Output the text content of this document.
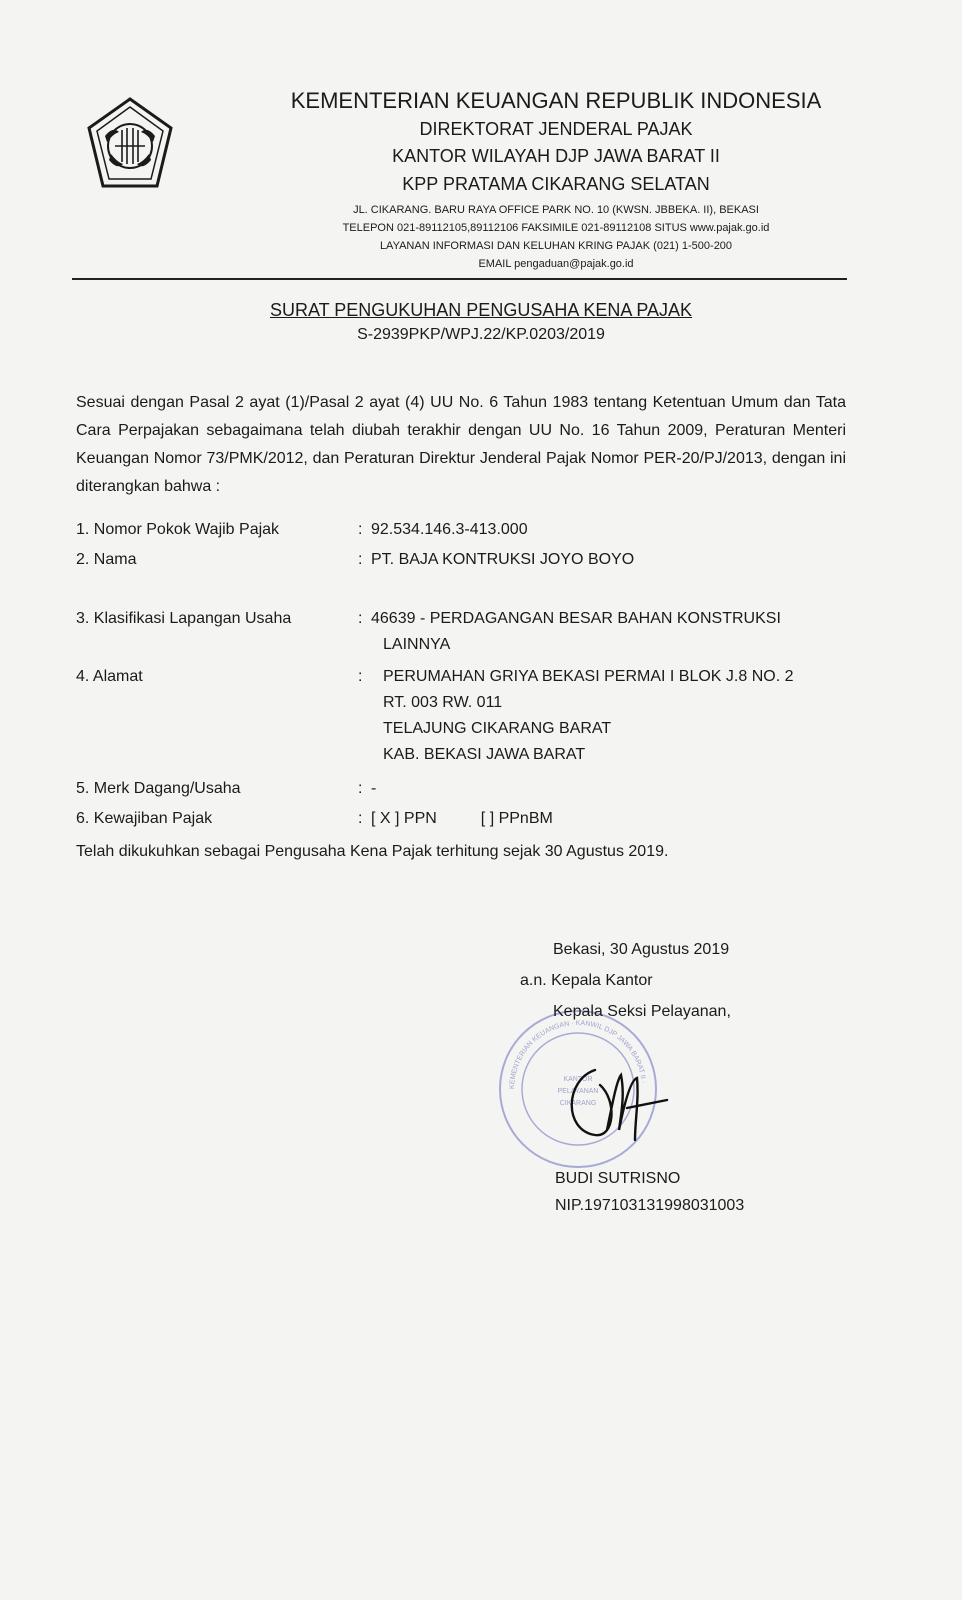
KEMENTERIAN KEUANGAN REPUBLIK INDONESIA

DIREKTORAT JENDERAL PAJAK

KANTOR WILAYAH DJP JAWA BARAT II

KPP PRATAMA CIKARANG SELATAN

JL. CIKARANG. BARU RAYA OFFICE PARK NO. 10 (KWSN. JBBEKA. II), BEKASI

TELEPON 021-89112105,89112106 FAKSIMILE 021-89112108 SITUS www.pajak.go.id

LAYANAN INFORMASI DAN KELUHAN KRING PAJAK (021) 1-500-200

EMAIL pengaduan@pajak.go.id

SURAT PENGUKUHAN PENGUSAHA KENA PAJAK

S-2939PKP/WPJ.22/KP.0203/2019

Sesuai dengan Pasal 2 ayat (1)/Pasal 2 ayat (4) UU No. 6 Tahun 1983 tentang Ketentuan Umum dan Tata Cara Perpajakan sebagaimana telah diubah terakhir dengan UU No. 16 Tahun 2009, Peraturan Menteri Keuangan Nomor 73/PMK/2012, dan Peraturan Direktur Jenderal Pajak Nomor PER-20/PJ/2013, dengan ini diterangkan bahwa :

1. Nomor Pokok Wajib Pajak	: 92.534.146.3-413.000
2. Nama	: PT. BAJA KONTRUKSI JOYO BOYO
3. Klasifikasi Lapangan Usaha	: 46639 - PERDAGANGAN BESAR BAHAN KONSTRUKSI
LAINNYA
4. Alamat	:	PERUMAHAN GRIYA BEKASI PERMAI I BLOK J.8 NO. 2
RT. 003 RW. 011
TELAJUNG CIKARANG BARAT
KAB. BEKASI JAWA BARAT
5. Merk Dagang/Usaha	: -
6. Kewajiban Pajak	: [ X ] PPN	[ ] PPnBM

Telah dikukuhkan sebagai Pengusaha Kena Pajak terhitung sejak 30 Agustus 2019.

KEMENTERIAN KEUANGAN · KANWIL DJP JAWA BARAT II ·
KANTOR
PELAYANAN
CIKARANG

Bekasi, 30 Agustus 2019

a.n. Kepala Kantor

Kepala Seksi Pelayanan,

BUDI SUTRISNO

NIP.197103131998031003
